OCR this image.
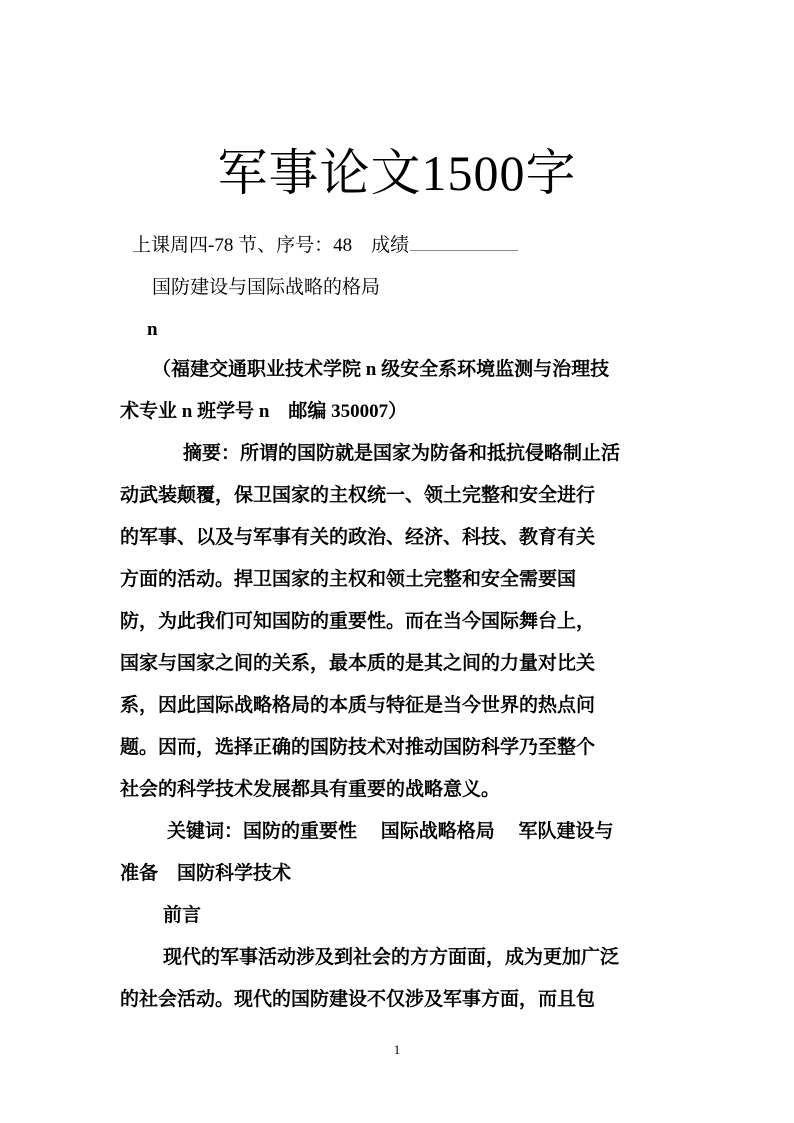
军事论文1500字
上课周四-78 节、序号：48　成绩
国防建设与国际战略的格局
n
（福建交通职业技术学院 n 级安全系环境监测与治理技
术专业 n 班学号 n　邮编 350007）
摘要：所谓的国防就是国家为防备和抵抗侵略制止活
动武装颠覆，保卫国家的主权统一、领土完整和安全进行
的军事、以及与军事有关的政治、经济、科技、教育有关
方面的活动。捍卫国家的主权和领土完整和安全需要国
防，为此我们可知国防的重要性。而在当今国际舞台上，
国家与国家之间的关系，最本质的是其之间的力量对比关
系，因此国际战略格局的本质与特征是当今世界的热点问
题。因而，选择正确的国防技术对推动国防科学乃至整个
社会的科学技术发展都具有重要的战略意义。
关键词：国防的重要性　 国际战略格局　 军队建设与
准备　国防科学技术
前言
现代的军事活动涉及到社会的方方面面，成为更加广泛
的社会活动。现代的国防建设不仅涉及军事方面，而且包
1
